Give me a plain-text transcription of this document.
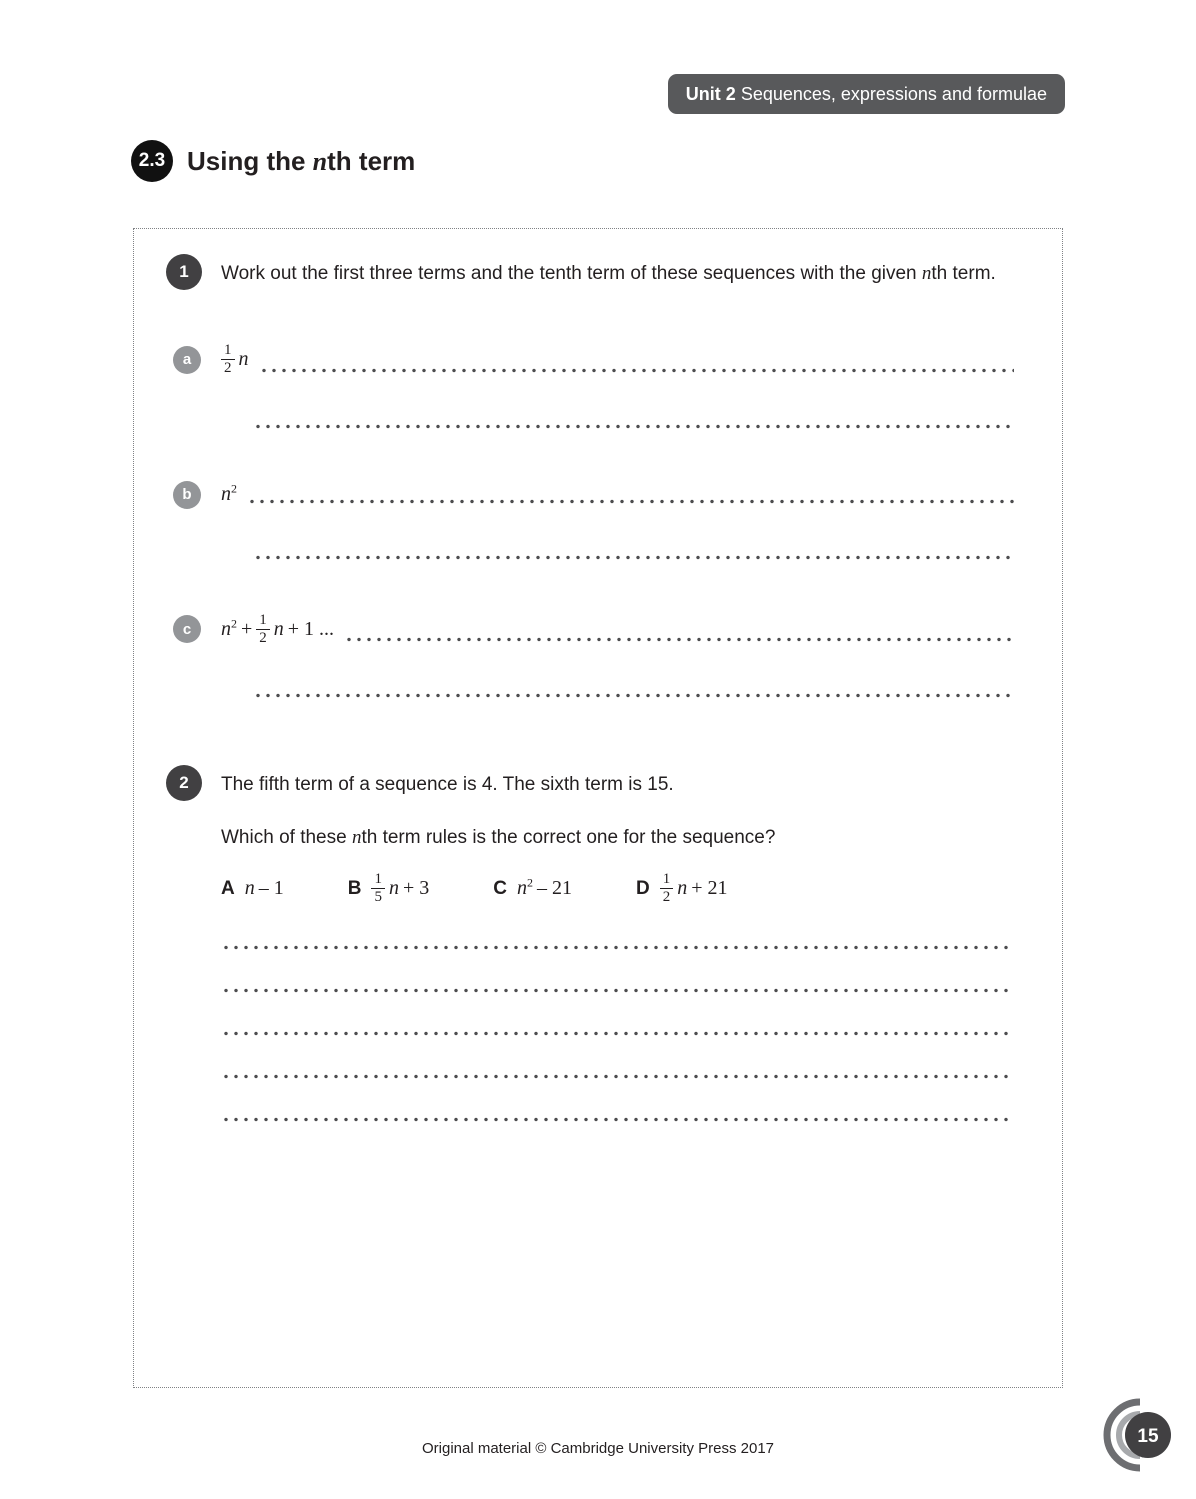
Unit 2 Sequences, expressions and formulae
2.3 Using the nth term
1	Work out the first three terms and the tenth term of these sequences with the given nth term.
a	$\frac{1}{2}$ n
b	$n^2$
c	$n^2 + \frac{1}{2}$ n + 1 ...
2	The fifth term of a sequence is 4. The sixth term is 15.
Which of these nth term rules is the correct one for the sequence?
A n – 1	B $\frac{1}{5}$ n + 3	C $n^2 - 21$	D $\frac{1}{2}$ n + 21
Original material © Cambridge University Press 2017
15
